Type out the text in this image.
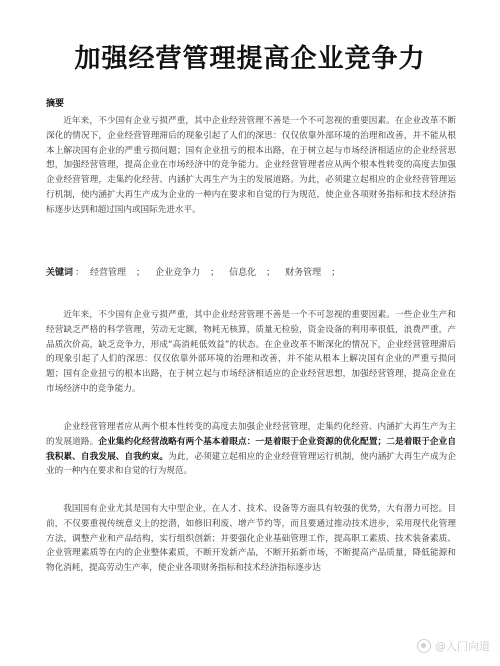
加强经营管理提高企业竞争力
摘要

近年来，不少国有企业亏损严重，其中企业经营管理不善是一个不可忽视的重要因素。在企业改革不断深化的情况下，企业经营管理滞后的现象引起了人们的深思：仅仅依靠外部环境的治理和改善，并不能从根本上解决国有企业的严重亏损问题；国有企业扭亏的根本出路，在于树立起与市场经济相适应的企业经营思想，加强经营管理，提高企业在市场经济中的竞争能力。企业经营管理者应从两个根本性转变的高度去加强企业经营管理，走集约化经营、内涵扩大再生产为主的发展道路。为此，必须建立起相应的企业经营管理运行机制，使内涵扩大再生产成为企业的一种内在要求和自觉的行为规范，使企业各项财务指标和技术经济指标逐步达到和超过国内或国际先进水平。

关键词 ： 经营管理 ； 企业竞争力 ； 信息化 ； 财务管理 ；

近年来，不少国有企业亏损严重，其中企业经营管理不善是一个不可忽视的重要因素。一些企业生产和经营缺乏严格的科学管理，劳动无定额，物耗无核算，质量无检验，资金设备的利用率很低，浪费严重，产品质次价高，缺乏竞争力，形成“高消耗低效益”的状态。在企业改革不断深化的情况下，企业经营管理滞后的现象引起了人们的深思：仅仅依靠外部环境的治理和改善，并不能从根本上解决国有企业的严重亏损问题；国有企业扭亏的根本出路，在于树立起与市场经济相适应的企业经营思想，加强经营管理，提高企业在市场经济中的竞争能力。

企业经营管理者应从两个根本性转变的高度去加强企业经营管理，走集约化经营、内涵扩大再生产为主的发展道路。企业集约化经营战略有两个基本着眼点：一是着眼于企业资源的优化配置；二是着眼于企业自我积累、自我发展、自我约束。为此，必须建立起相应的企业经营管理运行机制，使内涵扩大再生产成为企业的一种内在要求和自觉的行为规范。

我国国有企业尤其是国有大中型企业，在人才、技术、设备等方面具有较强的优势，大有潜力可挖。目前，不仅要重视传统意义上的挖潜，如修旧利废、增产节约等，而且要通过推动技术进步，采用现代化管理方法，调整产业和产品结构，实行组织创新；并要强化企业基础管理工作，提高职工素质、技术装备素质、企业管理素质等在内的企业整体素质，不断开发新产品，不断开拓新市场，不断提高产品质量，降低能源和物化消耗，提高劳动生产率，使企业各项财务指标和技术经济指标逐步达

@入门向道
